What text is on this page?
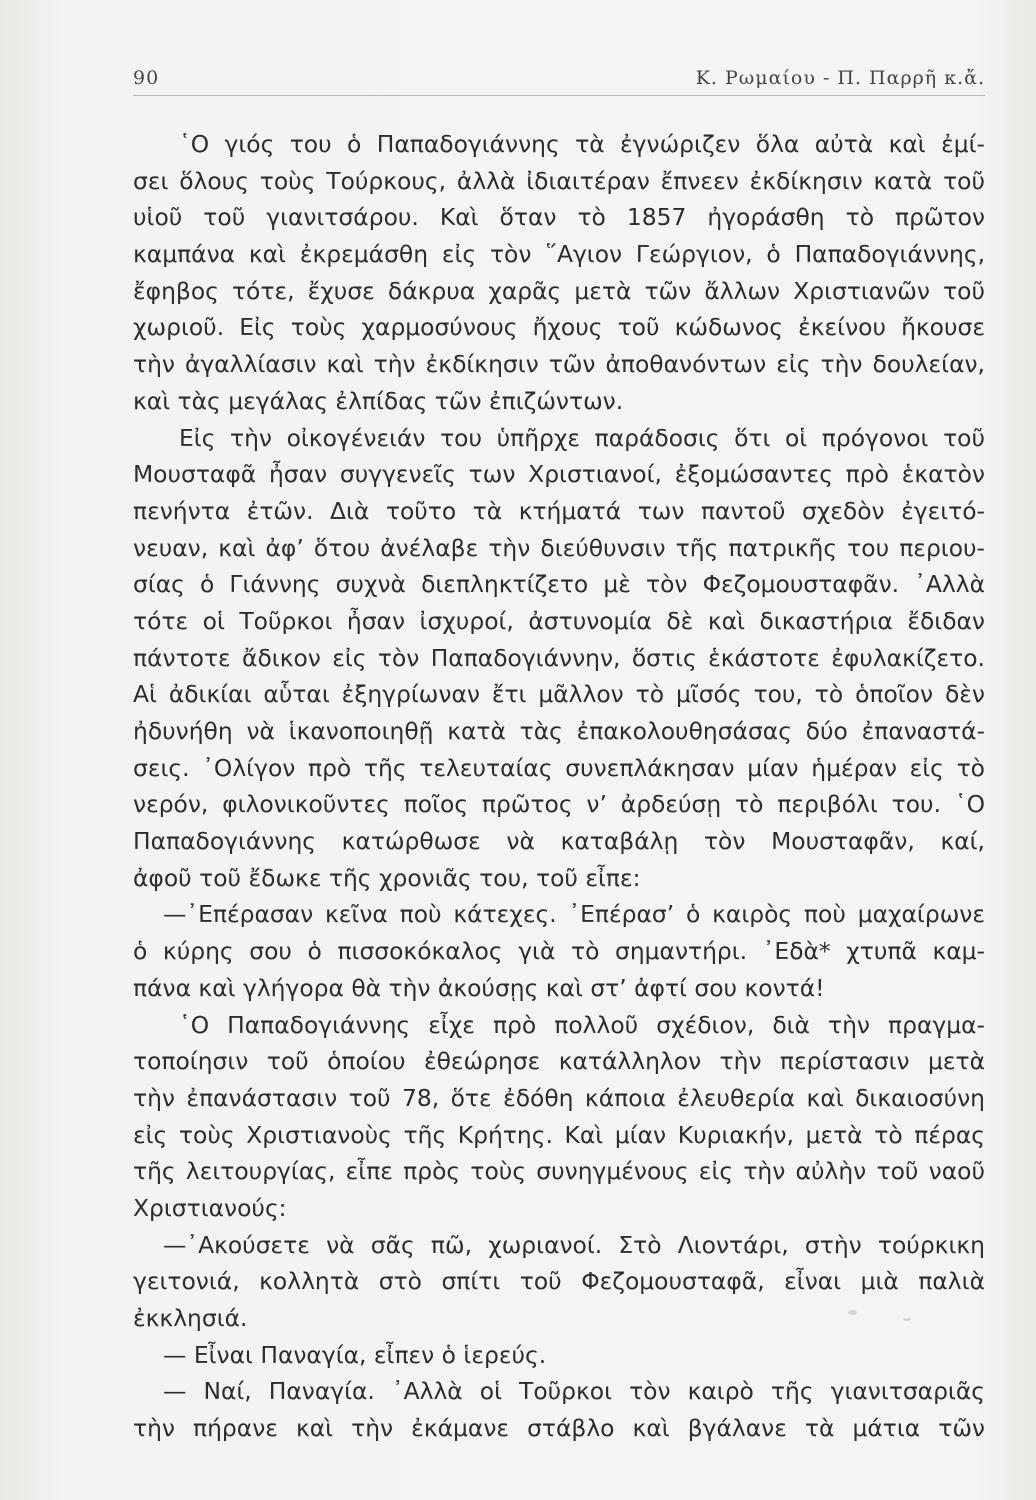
90	Κ. Ρωμαίου - Π. Παρρῆ κ.ἄ.
῾Ο γιός του ὁ Παπαδογιάννης τὰ ἐγνώριζεν ὅλα αὐτὰ καὶ ἐμί-
σει ὅλους τοὺς Τούρκους, ἀλλὰ ἰδιαιτέραν ἔπνεεν ἐκδίκησιν κατὰ τοῦ
υἱοῦ τοῦ γιανιτσάρου. Καὶ ὅταν τὸ 1857 ἠγοράσθη τὸ πρῶτον
καμπάνα καὶ ἐκρεμάσθη εἰς τὸν ῞Αγιον Γεώργιον, ὁ Παπαδογιάννης,
ἔφηβος τότε, ἔχυσε δάκρυα χαρᾶς μετὰ τῶν ἄλλων Χριστιανῶν τοῦ
χωριοῦ. Εἰς τοὺς χαρμοσύνους ἤχους τοῦ κώδωνος ἐκείνου ἤκουσε
τὴν ἀγαλλίασιν καὶ τὴν ἐκδίκησιν τῶν ἀποθανόντων εἰς τὴν δουλείαν,
καὶ τὰς μεγάλας ἐλπίδας τῶν ἐπιζώντων.
Εἰς τὴν οἰκογένειάν του ὑπῆρχε παράδοσις ὅτι οἱ πρόγονοι τοῦ
Μουσταφᾶ ἦσαν συγγενεῖς των Χριστιανοί, ἐξομώσαντες πρὸ ἑκατὸν
πενήντα ἐτῶν. Διὰ τοῦτο τὰ κτήματά των παντοῦ σχεδὸν ἐγειτό-
νευαν, καὶ ἀφ’ ὅτου ἀνέλαβε τὴν διεύθυνσιν τῆς πατρικῆς του περιου-
σίας ὁ Γιάννης συχνὰ διεπληκτίζετο μὲ τὸν Φεζομουσταφᾶν. ᾿Αλλὰ
τότε οἱ Τοῦρκοι ἦσαν ἰσχυροί, ἀστυνομία δὲ καὶ δικαστήρια ἔδιδαν
πάντοτε ἄδικον εἰς τὸν Παπαδογιάννην, ὅστις ἑκάστοτε ἐφυλακίζετο.
Αἱ ἀδικίαι αὗται ἐξηγρίωναν ἔτι μᾶλλον τὸ μῖσός του, τὸ ὁποῖον δὲν
ἠδυνήθη νὰ ἱκανοποιηθῇ κατὰ τὰς ἐπακολουθησάσας δύο ἐπαναστά-
σεις. ᾿Ολίγον πρὸ τῆς τελευταίας συνεπλάκησαν μίαν ἡμέραν εἰς τὸ
νερόν, φιλονικοῦντες ποῖος πρῶτος ν’ ἀρδεύσῃ τὸ περιβόλι του. ῾Ο
Παπαδογιάννης κατώρθωσε νὰ καταβάλῃ τὸν Μουσταφᾶν, καί,
ἀφοῦ τοῦ ἔδωκε τῆς χρονιᾶς του, τοῦ εἶπε:
—᾿Επέρασαν κεῖνα ποὺ κάτεχες. ᾿Επέρασ’ ὁ καιρὸς ποὺ μαχαίρωνε
ὁ κύρης σου ὁ πισσοκόκαλος γιὰ τὸ σημαντήρι. ᾿Εδὰ* χτυπᾶ καμ-
πάνα καὶ γλήγορα θὰ τὴν ἀκούσῃς καὶ στ’ ἀφτί σου κοντά!
῾Ο Παπαδογιάννης εἶχε πρὸ πολλοῦ σχέδιον, διὰ τὴν πραγμα-
τοποίησιν τοῦ ὁποίου ἐθεώρησε κατάλληλον τὴν περίστασιν μετὰ
τὴν ἐπανάστασιν τοῦ 78, ὅτε ἐδόθη κάποια ἐλευθερία καὶ δικαιοσύνη
εἰς τοὺς Χριστιανοὺς τῆς Κρήτης. Καὶ μίαν Κυριακήν, μετὰ τὸ πέρας
τῆς λειτουργίας, εἶπε πρὸς τοὺς συνηγμένους εἰς τὴν αὐλὴν τοῦ ναοῦ
Χριστιανούς:
—᾿Ακούσετε νὰ σᾶς πῶ, χωριανοί. Στὸ Λιοντάρι, στὴν τούρκικη
γειτονιά, κολλητὰ στὸ σπίτι τοῦ Φεζομουσταφᾶ, εἶναι μιὰ παλιὰ
ἐκκλησιά.
— Εἶναι Παναγία, εἶπεν ὁ ἱερεύς.
— Ναί, Παναγία. ᾿Αλλὰ οἱ Τοῦρκοι τὸν καιρὸ τῆς γιανιτσαριᾶς
τὴν πήρανε καὶ τὴν ἐκάμανε στάβλο καὶ βγάλανε τὰ μάτια τῶν
